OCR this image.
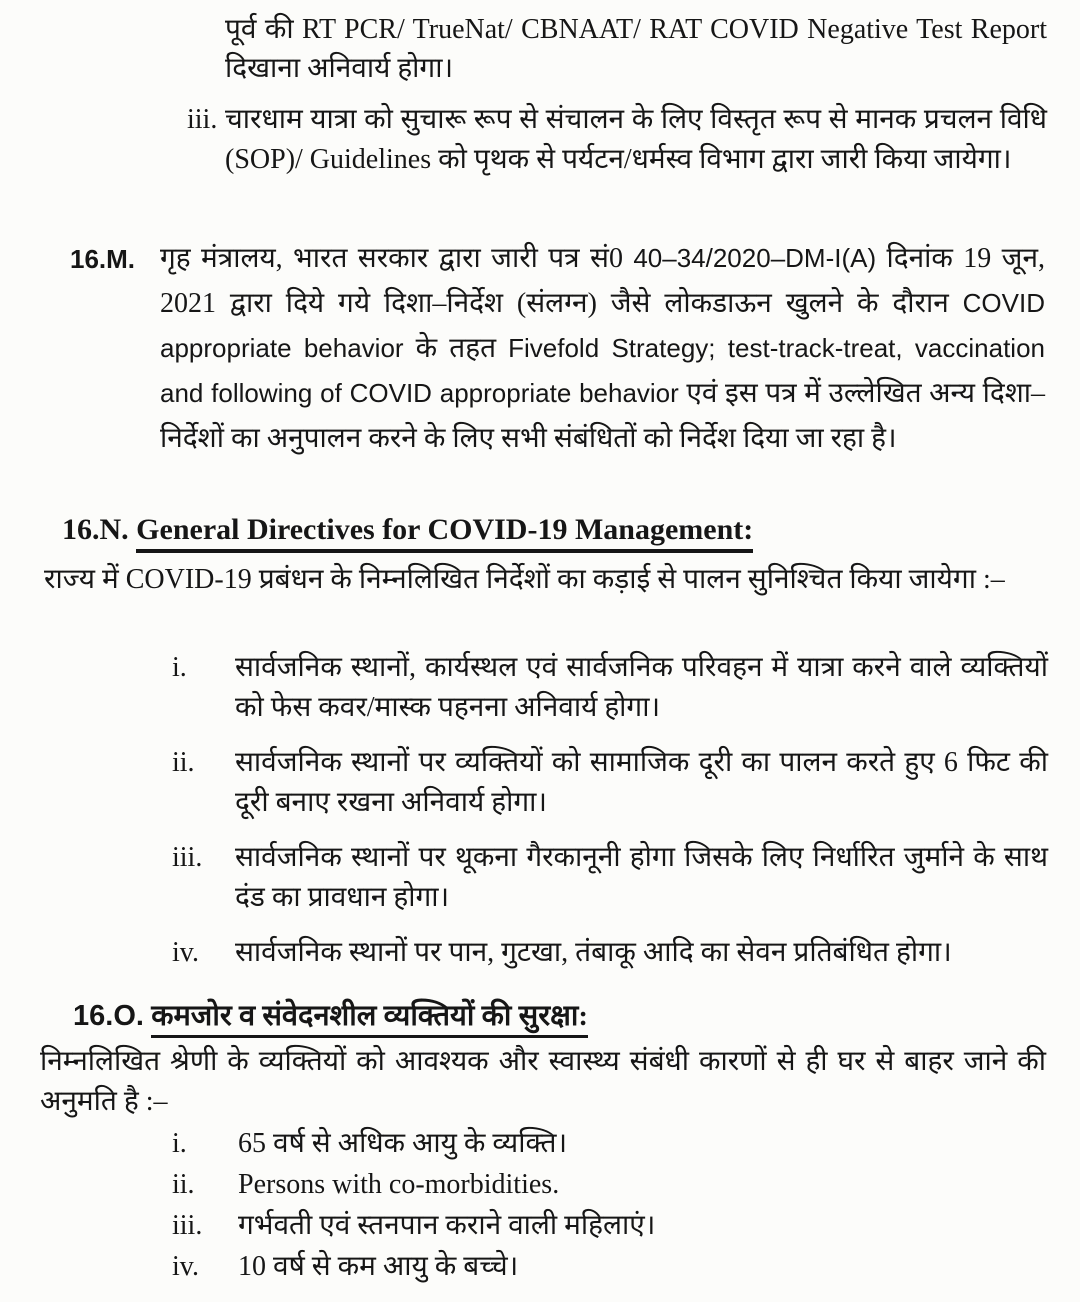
पूर्व की RT PCR/ TrueNat/ CBNAAT/ RAT COVID Negative Test Report दिखाना अनिवार्य होगा।

iii. चारधाम यात्रा को सुचारू रूप से संचालन के लिए विस्तृत रूप से मानक प्रचलन विधि (SOP)/ Guidelines को पृथक से पर्यटन/धर्मस्व विभाग द्वारा जारी किया जायेगा।
16.M. गृह मंत्रालय, भारत सरकार द्वारा जारी पत्र सं0 40–34/2020–DM-I(A) दिनांक 19 जून, 2021 द्वारा दिये गये दिशा–निर्देश (संलग्न) जैसे लोकडाऊन खुलने के दौरान COVID appropriate behavior के तहत Fivefold Strategy; test-track-treat, vaccination and following of COVID appropriate behavior एवं इस पत्र में उल्लेखित अन्य दिशा–निर्देशों का अनुपालन करने के लिए सभी संबंधितों को निर्देश दिया जा रहा है।
16.N. General Directives for COVID-19 Management:

राज्य में COVID-19 प्रबंधन के निम्नलिखित निर्देशों का कड़ाई से पालन सुनिश्चित किया जायेगा :–

i.	सार्वजनिक स्थानों, कार्यस्थल एवं सार्वजनिक परिवहन में यात्रा करने वाले व्यक्तियों को फेस कवर/मास्क पहनना अनिवार्य होगा।
ii.	सार्वजनिक स्थानों पर व्यक्तियों को सामाजिक दूरी का पालन करते हुए 6 फिट की दूरी बनाए रखना अनिवार्य होगा।
iii.	सार्वजनिक स्थानों पर थूकना गैरकानूनी होगा जिसके लिए निर्धारित जुर्माने के साथ दंड का प्रावधान होगा।
iv.	सार्वजनिक स्थानों पर पान, गुटखा, तंबाकू आदि का सेवन प्रतिबंधित होगा।
16.O. कमजोर व संवेदनशील व्यक्तियों की सुरक्षा:

निम्नलिखित श्रेणी के व्यक्तियों को आवश्यक और स्वास्थ्य संबंधी कारणों से ही घर से बाहर जाने की अनुमति है :–

i.	65 वर्ष से अधिक आयु के व्यक्ति।
ii.	Persons with co-morbidities.
iii.	गर्भवती एवं स्तनपान कराने वाली महिलाएं।
iv.	10 वर्ष से कम आयु के बच्चे।
